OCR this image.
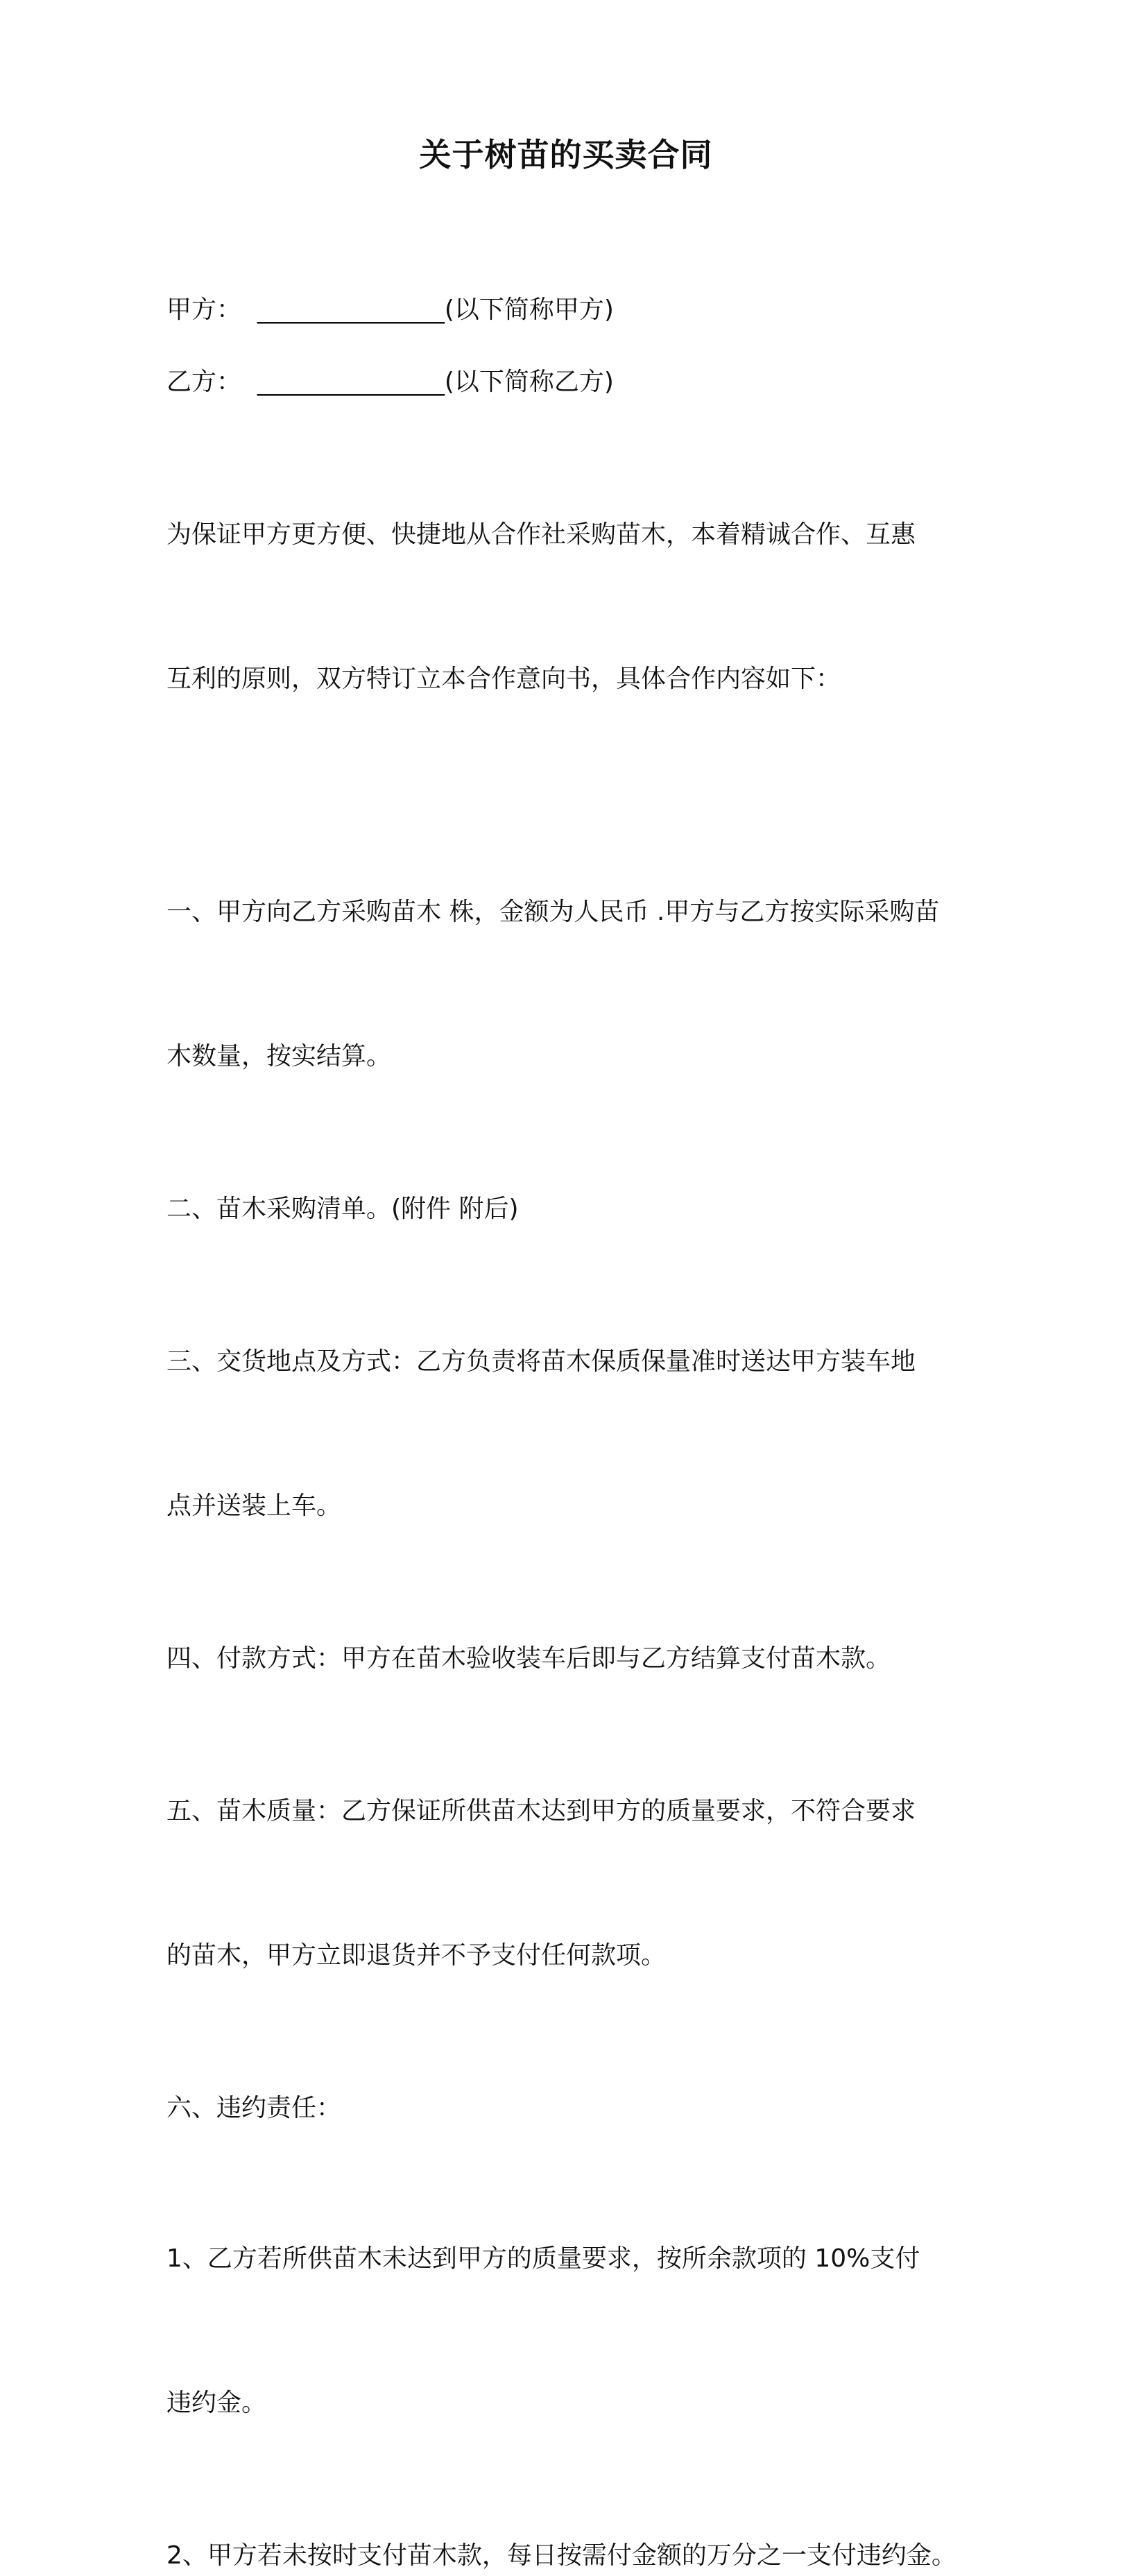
关于树苗的买卖合同

甲方：  _______________(以下简称甲方)

乙方：  _______________(以下简称乙方)

为保证甲方更方便、快捷地从合作社采购苗木，本着精诚合作、互惠

互利的原则，双方特订立本合作意向书，具体合作内容如下：

一、甲方向乙方采购苗木 株，金额为人民币 .甲方与乙方按实际采购苗

木数量，按实结算。

二、苗木采购清单。(附件 附后)

三、交货地点及方式：乙方负责将苗木保质保量准时送达甲方装车地

点并送装上车。

四、付款方式：甲方在苗木验收装车后即与乙方结算支付苗木款。

五、苗木质量：乙方保证所供苗木达到甲方的质量要求，不符合要求

的苗木，甲方立即退货并不予支付任何款项。

六、违约责任：

1、乙方若所供苗木未达到甲方的质量要求，按所余款项的 10%支付

违约金。

2、甲方若未按时支付苗木款，每日按需付金额的万分之一支付违约金。
